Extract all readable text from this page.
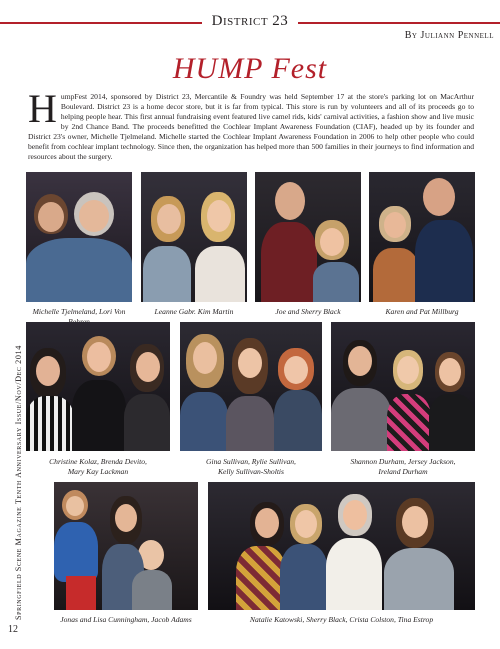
District 23
By Juliann Pennell
HUMP Fest
HumpFest 2014, sponsored by District 23, Mercantile & Foundry was held September 17 at the store's parking lot on MacArthur Boulevard. District 23 is a home decor store, but it is far from typical. This store is run by volunteers and all of its proceeds go to helping people hear. This first annual fundraising event featured live camel rids, kids' carnival activities, a fashion show and live music by 2nd Chance Band. The proceeds benefitted the Cochlear Implant Awareness Foundation (CIAF), headed up by its founder and District 23's owner, Michelle Tjelmeland. Michelle started the Cochlear Implant Awareness Foundation in 2006 to help other people who could benefit from cochlear implant technology. Since then, the organization has helped more than 500 families in their journeys to find information and resources about the surgery.
Michelle Tjelmeland, Lori Von	Leanne Gabr. Kim Martin	Joe and Sherry Black	Karen and Pat Millburg
Christine Kolaz, Brenda Devito,
Mary Kay Lackman
Gina Sullivan, Rylie Sullivan,
Kelly Sullivan-Sholtis
Shannon Durham, Jersey Jackson,
Ireland Durham
Jonas and Lisa Cunningham, Jacob Adams	Natalie Katowski, Sherry Black, Crista Colston, Tina Estrop
Springfield Scene Magazine Tenth Anniversary Issue/Nov/Dec 2014
12
